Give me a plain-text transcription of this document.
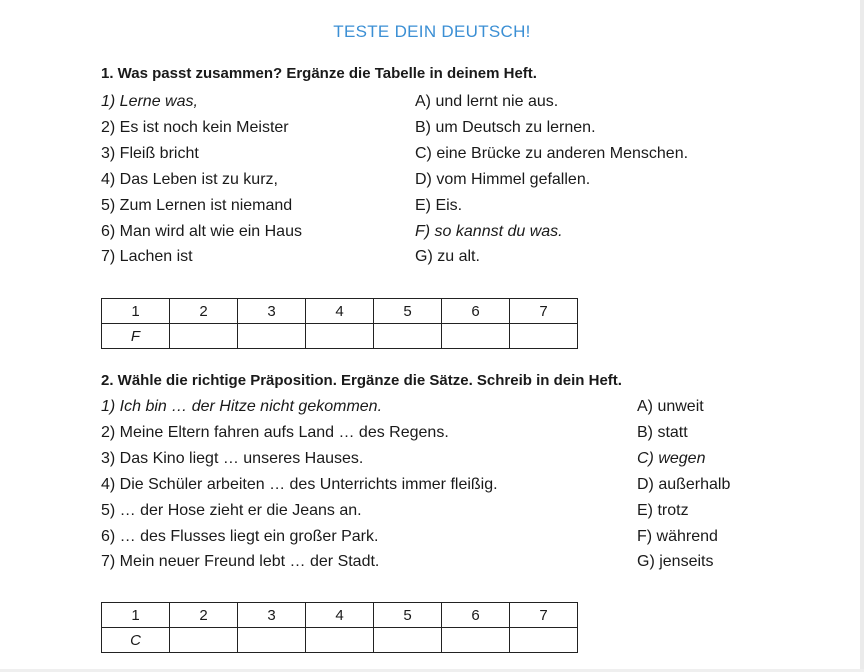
TESTE DEIN DEUTSCH!
1. Was passt zusammen? Ergänze die Tabelle in deinem Heft.
1) Lerne was,
2) Es ist noch kein Meister
3) Fleiß bricht
4) Das Leben ist zu kurz,
5) Zum Lernen ist niemand
6) Man wird alt wie ein Haus
7) Lachen ist
A) und lernt nie aus.
B) um Deutsch zu lernen.
C) eine Brücke zu anderen Menschen.
D) vom Himmel gefallen.
E) Eis.
F) so kannst du was.
G) zu alt.
1	2	3	4	5	6	7
F						
2. Wähle die richtige Präposition. Ergänze die Sätze. Schreib in dein Heft.
1) Ich bin … der Hitze nicht gekommen.
2) Meine Eltern fahren aufs Land … des Regens.
3) Das Kino liegt … unseres Hauses.
4) Die Schüler arbeiten … des Unterrichts immer fleißig.
5) … der Hose zieht er die Jeans an.
6) … des Flusses liegt ein großer Park.
7) Mein neuer Freund lebt … der Stadt.
A) unweit
B) statt
C) wegen
D) außerhalb
E) trotz
F) während
G) jenseits
1	2	3	4	5	6	7
C						
